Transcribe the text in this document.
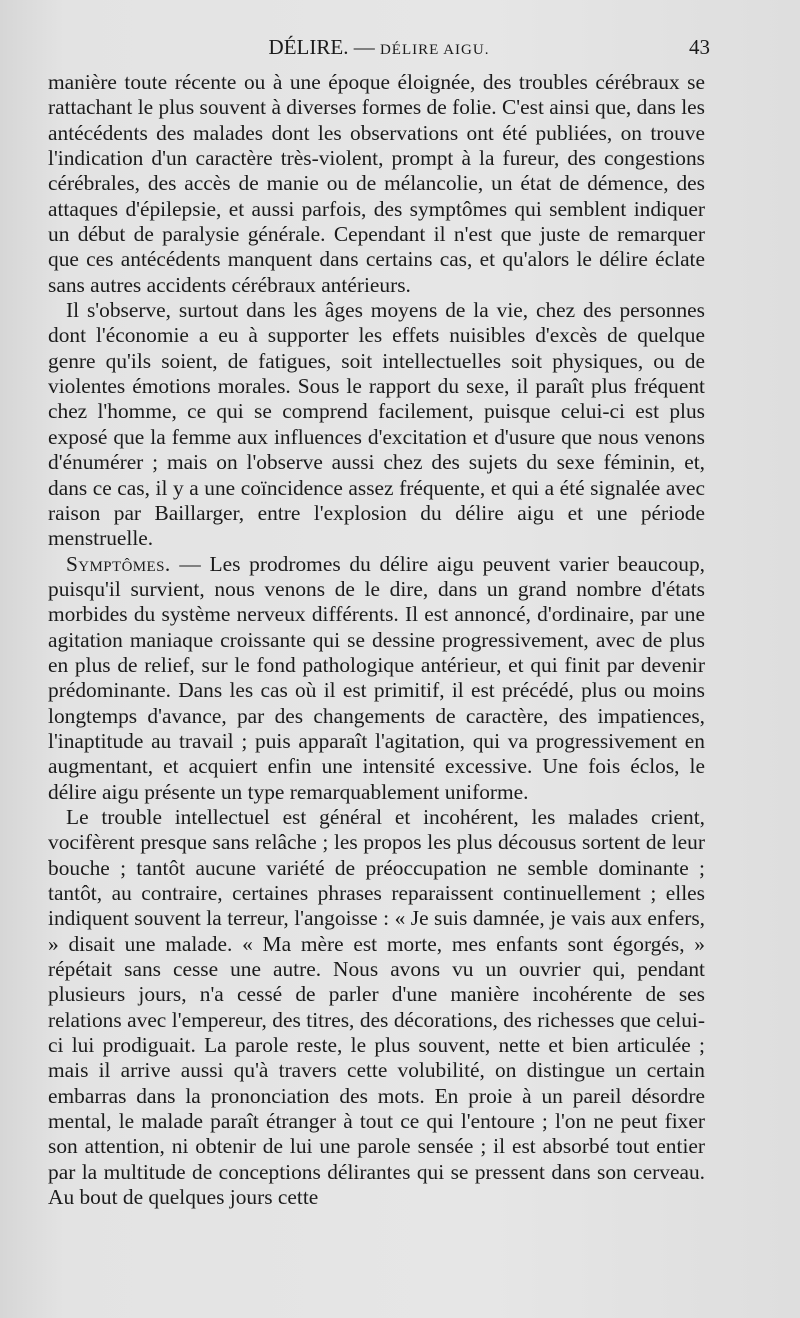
DÉLIRE. — DÉLIRE AIGU.	43

manière toute récente ou à une époque éloignée, des troubles cérébraux se rattachant le plus souvent à diverses formes de folie. C'est ainsi que, dans les antécédents des malades dont les observations ont été publiées, on trouve l'indication d'un caractère très-violent, prompt à la fureur, des congestions cérébrales, des accès de manie ou de mélancolie, un état de démence, des attaques d'épilepsie, et aussi parfois, des symptômes qui semblent indiquer un début de paralysie générale. Cependant il n'est que juste de remarquer que ces antécédents manquent dans certains cas, et qu'alors le délire éclate sans autres accidents cérébraux antérieurs.

Il s'observe, surtout dans les âges moyens de la vie, chez des personnes dont l'économie a eu à supporter les effets nuisibles d'excès de quelque genre qu'ils soient, de fatigues, soit intellectuelles soit physiques, ou de violentes émotions morales. Sous le rapport du sexe, il paraît plus fréquent chez l'homme, ce qui se comprend facilement, puisque celui-ci est plus exposé que la femme aux influences d'excitation et d'usure que nous venons d'énumérer ; mais on l'observe aussi chez des sujets du sexe féminin, et, dans ce cas, il y a une coïncidence assez fréquente, et qui a été signalée avec raison par Baillarger, entre l'explosion du délire aigu et une période menstruelle.

Symptômes. — Les prodromes du délire aigu peuvent varier beaucoup, puisqu'il survient, nous venons de le dire, dans un grand nombre d'états morbides du système nerveux différents. Il est annoncé, d'ordinaire, par une agitation maniaque croissante qui se dessine progressivement, avec de plus en plus de relief, sur le fond pathologique antérieur, et qui finit par devenir prédominante. Dans les cas où il est primitif, il est précédé, plus ou moins longtemps d'avance, par des changements de caractère, des impatiences, l'inaptitude au travail ; puis apparaît l'agitation, qui va progressivement en augmentant, et acquiert enfin une intensité excessive. Une fois éclos, le délire aigu présente un type remarquablement uniforme.

Le trouble intellectuel est général et incohérent, les malades crient, vocifèrent presque sans relâche ; les propos les plus décousus sortent de leur bouche ; tantôt aucune variété de préoccupation ne semble dominante ; tantôt, au contraire, certaines phrases reparaissent continuellement ; elles indiquent souvent la terreur, l'angoisse : « Je suis damnée, je vais aux enfers, » disait une malade. « Ma mère est morte, mes enfants sont égorgés, » répétait sans cesse une autre. Nous avons vu un ouvrier qui, pendant plusieurs jours, n'a cessé de parler d'une manière incohérente de ses relations avec l'empereur, des titres, des décorations, des richesses que celui-ci lui prodiguait. La parole reste, le plus souvent, nette et bien articulée ; mais il arrive aussi qu'à travers cette volubilité, on distingue un certain embarras dans la prononciation des mots. En proie à un pareil désordre mental, le malade paraît étranger à tout ce qui l'entoure ; l'on ne peut fixer son attention, ni obtenir de lui une parole sensée ; il est absorbé tout entier par la multitude de conceptions délirantes qui se pressent dans son cerveau. Au bout de quelques jours cette
